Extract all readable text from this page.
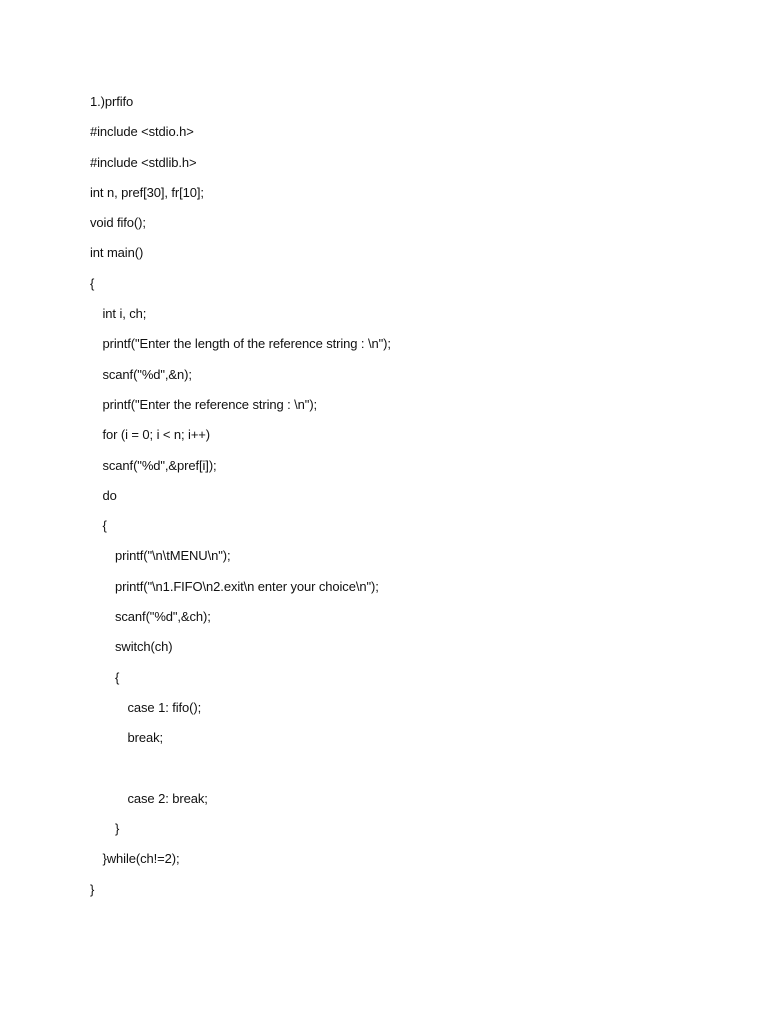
1.)prfifo
#include <stdio.h>
#include <stdlib.h>
int n, pref[30], fr[10];
void fifo();
int main()
{
int i, ch;
printf("Enter the length of the reference string : \n");
scanf("%d",&n);
printf("Enter the reference string : \n");
for (i = 0; i < n; i++)
scanf("%d",&pref[i]);
do
{
printf("\n\tMENU\n");
printf("\n1.FIFO\n2.exit\n enter your choice\n");
scanf("%d",&ch);
switch(ch)
{
case 1: fifo();
break;
case 2: break;
}
}while(ch!=2);
}
